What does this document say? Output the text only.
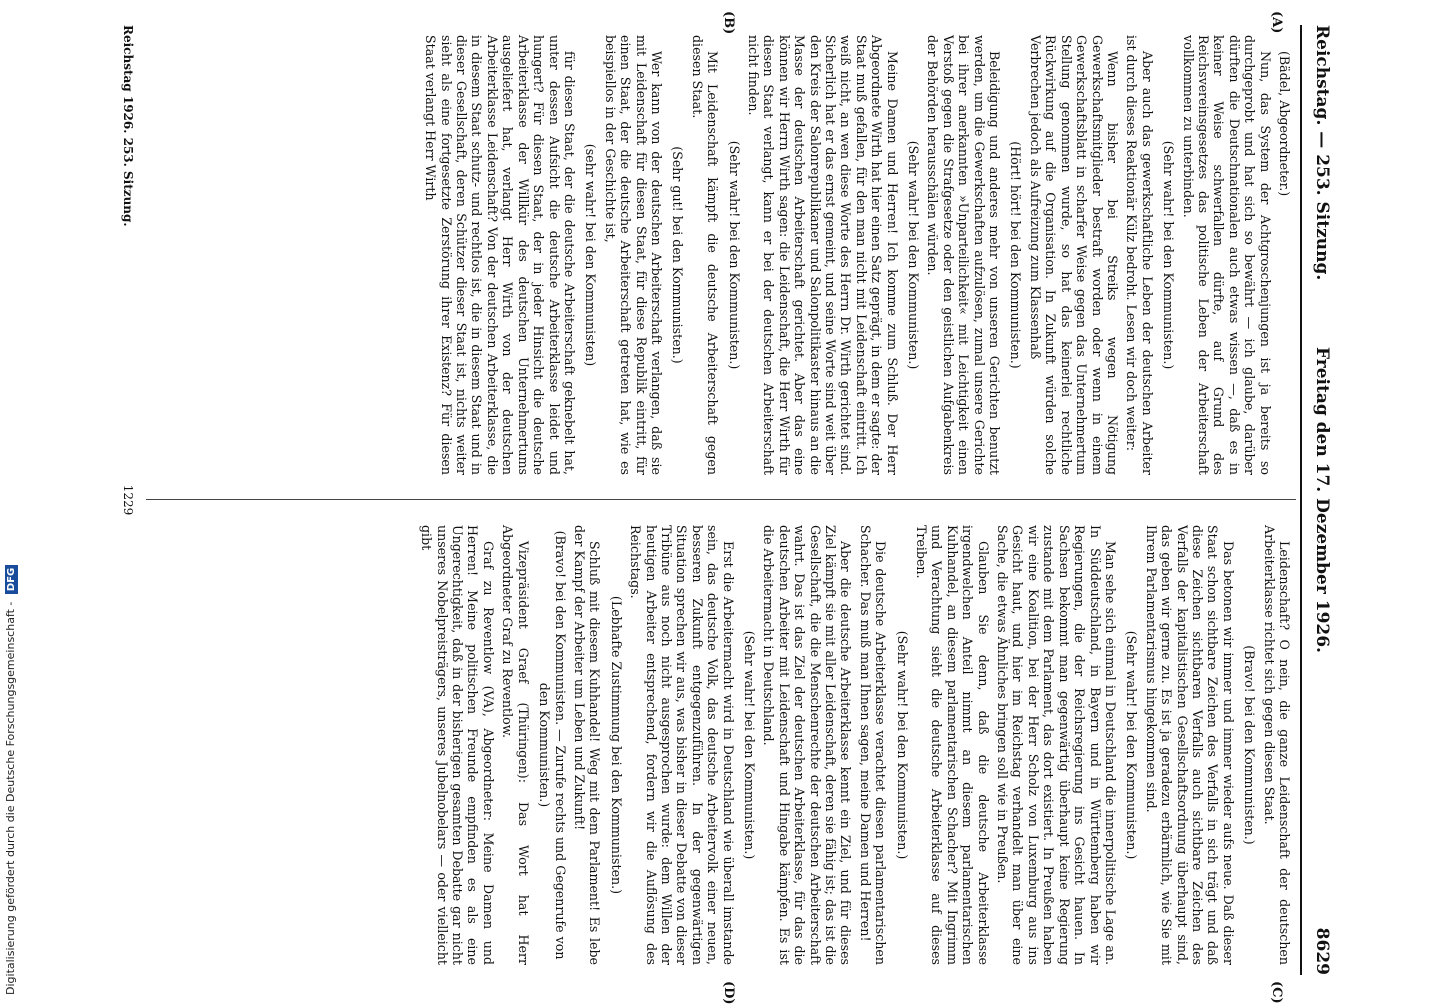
Reichstag. — 253. Sitzung.
Freitag den 17. Dezember 1926.
8629
(A)
(B)
(C)
(D)

(Bädel, Abgeordneter.)

Nun, das System der Achtgroschenjungen ist ja bereits so durchgeprobt und hat sich so bewährt — ich glaube, darüber dürften die Deutschnationalen auch etwas wissen —, daß es in keiner Weise schwerfallen dürfte, auf Grund des Reichsvereinsgesetzes das politische Leben der Arbeiterschaft vollkommen zu unterbinden.

(Sehr wahr! bei den Kommunisten.)

Aber auch das gewerkschaftliche Leben der deutschen Arbeiter ist durch dieses Reaktionär Külz bedroht. Lesen wir doch weiter:

Wenn bisher bei Streiks wegen Nötigung Gewerkschaftsmitglieder bestraft worden oder wenn in einem Gewerkschaftsblatt in scharfer Weise gegen das Unternehmertum Stellung genommen wurde, so hat das keinerlei rechtliche Rückwirkung auf die Organisation. In Zukunft würden solche Verbrechen jedoch als Aufreizung zum Klassenhaß

(Hört! hört! bei den Kommunisten.)

Beleidigung und anderes mehr von unseren Gerichten benutzt werden, um die Gewerkschaften aufzulösen, zumal unsere Gerichte bei ihrer anerkannten »Unparteilichkeit« mit Leichtigkeit einen Verstoß gegen die Strafgesetze oder den geistlichen Aufgabenkreis der Behörden herausschälen würden.

(Sehr wahr! bei den Kommunisten.)

Meine Damen und Herren! Ich komme zum Schluß. Der Herr Abgeordnete Wirth hat hier einen Satz geprägt, in dem er sagte: der Staat muß gefallen, für den man nicht mit Leidenschaft eintritt. Ich weiß nicht, an wen diese Worte des Herrn Dr. Wirth gerichtet sind. Sicherlich hat er das ernst gemeint, und seine Worte sind weit über den Kreis der Salonrepublikaner und Salonpolitikaster hinaus an die Masse der deutschen Arbeiterschaft gerichtet. Aber das eine können wir Herrn Wirth sagen: die Leidenschaft, die Herr Wirth für diesen Staat verlangt, kann er bei der deutschen Arbeiterschaft nicht finden.

(Sehr wahr! bei den Kommunisten.)

Mit Leidenschaft kämpft die deutsche Arbeiterschaft gegen diesen Staat.

(Sehr gut! bei den Kommunisten.)

Wer kann von der deutschen Arbeiterschaft verlangen, daß sie mit Leidenschaft für diesen Staat, für diese Republik eintritt, für einen Staat, der die deutsche Arbeiterschaft getreten hat, wie es beispiellos in der Geschichte ist,

(sehr wahr! bei den Kommunisten)

für diesen Staat, der die deutsche Arbeiterschaft geknebelt hat, unter dessen Aufsicht die deutsche Arbeiterklasse leidet und hungert? Für diesen Staat, der in jeder Hinsicht die deutsche Arbeiterklasse der Willkür des deutschen Unternehmertums ausgeliefert hat, verlangt Herr Wirth von der deutschen Arbeiterklasse Leidenschaft? Von der deutschen Arbeiterklasse, die in diesem Staat schutz- und rechtlos ist, die in diesem Staat und in dieser Gesellschaft, deren Schützer dieser Staat ist, nichts weiter sieht als eine fortgesetzte Zerstörung ihrer Existenz? Für diesen Staat verlangt Herr Wirth

Leidenschaft? O nein, die ganze Leidenschaft der deutschen Arbeiterklasse richtet sich gegen diesen Staat.

(Bravo! bei den Kommunisten.)

Das betonen wir immer und immer wieder aufs neue. Daß dieser Staat schon sichtbare Zeichen des Verfalls in sich trägt und daß diese Zeichen sichtbaren Verfalls auch sichtbare Zeichen des Verfalls der kapitalistischen Gesellschaftsordnung überhaupt sind, das geben wir gerne zu. Es ist ja geradezu erbärmlich, wie Sie mit Ihrem Parlamentarismus hingekommen sind.

(Sehr wahr! bei den Kommunisten.)

Man sehe sich einmal in Deutschland die innerpolitische Lage an. In Süddeutschland, in Bayern und in Württemberg haben wir Regierungen, die der Reichsregierung ins Gesicht hauen. In Sachsen bekommt man gegenwärtig überhaupt keine Regierung zustande mit dem Parlament, das dort existiert. In Preußen haben wir eine Koalition, bei der Herr Scholz von Luxemburg aus ins Gesicht haut, und hier im Reichstag verhandelt man über eine Sache, die etwas Ähnliches bringen soll wie in Preußen.

Glauben Sie denn, daß die deutsche Arbeiterklasse irgendwelchen Anteil nimmt an diesem parlamentarischen Kuhhandel, an diesem parlamentarischen Schacher? Mit Ingrimm und Verachtung sieht die deutsche Arbeiterklasse auf dieses Treiben.

(Sehr wahr! bei den Kommunisten.)

Die deutsche Arbeiterklasse verachtet diesen parlamentarischen Schacher. Das muß man Ihnen sagen, meine Damen und Herren!

Aber die deutsche Arbeiterklasse kennt ein Ziel, und für dieses Ziel kämpft sie mit aller Leidenschaft, deren sie fähig ist; das ist die Gesellschaft, die die Menschenrechte der deutschen Arbeiterschaft wahrt. Das ist das Ziel der deutschen Arbeiterklasse, für das die deutschen Arbeiter mit Leidenschaft und Hingabe kämpfen. Es ist die Arbeitermacht in Deutschland.

(Sehr wahr! bei den Kommunisten.)

Erst die Arbeitermacht wird in Deutschland wie überall imstande sein, das deutsche Volk, das deutsche Arbeitervolk einer neuen, besseren Zukunft entgegenzuführen. In der gegenwärtigen Situation sprechen wir aus, was bisher in dieser Debatte von dieser Tribüne aus noch nicht ausgesprochen wurde: dem Willen der heutigen Arbeiter entsprechend, fordern wir die Auflösung des Reichstags.

(Lebhafte Zustimmung bei den Kommunisten.)

Schluß mit diesem Kuhhandel! Weg mit dem Parlament! Es lebe der Kampf der Arbeiter um Leben und Zukunft!

(Bravo! bei den Kommunisten. — Zurufe rechts und Gegenrufe von den Kommunisten.)

Vizepräsident Graef (Thüringen): Das Wort hat Herr Abgeordneter Graf zu Reventlow.

Graf zu Reventlow (VA), Abgeordneter: Meine Damen und Herren! Meine politischen Freunde empfinden es als eine Ungerechtigkeit, daß in der bisherigen gesamten Debatte gar nicht unseres Nobelpreisträgers, unseres Jubelnobelars — oder vielleicht gibt

Reichstag 1926. 253. Sitzung.
1229
Digitalisierung gefördert durch die Deutsche Forschungsgemeinschaft - DFG
